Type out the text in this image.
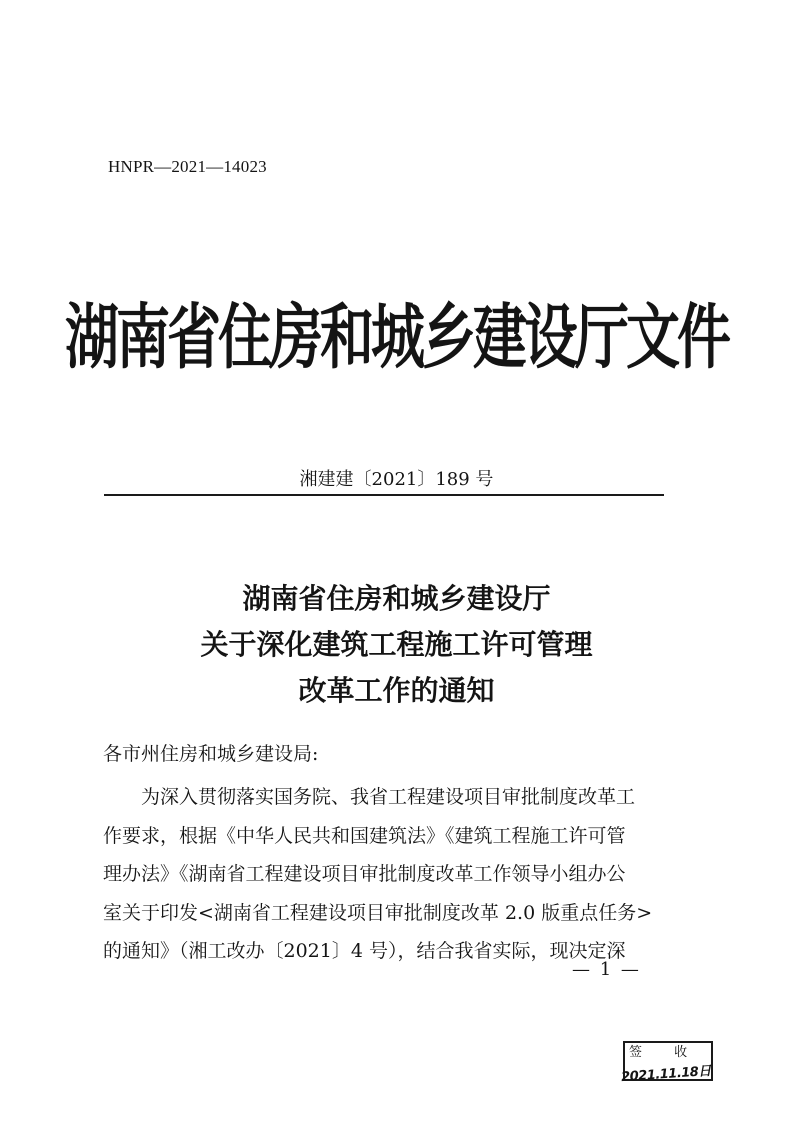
HNPR—2021—14023
湖南省住房和城乡建设厅文件
湘建建〔2021〕189 号
湖南省住房和城乡建设厅
关于深化建筑工程施工许可管理
改革工作的通知
各市州住房和城乡建设局:
　　为深入贯彻落实国务院、我省工程建设项目审批制度改革工
作要求，根据《中华人民共和国建筑法》《建筑工程施工许可管
理办法》《湖南省工程建设项目审批制度改革工作领导小组办公
室关于印发<湖南省工程建设项目审批制度改革 2.0 版重点任务>
的通知》（湘工改办〔2021〕4 号），结合我省实际，现决定深
— 1 —
签 收
2021.11.18日
